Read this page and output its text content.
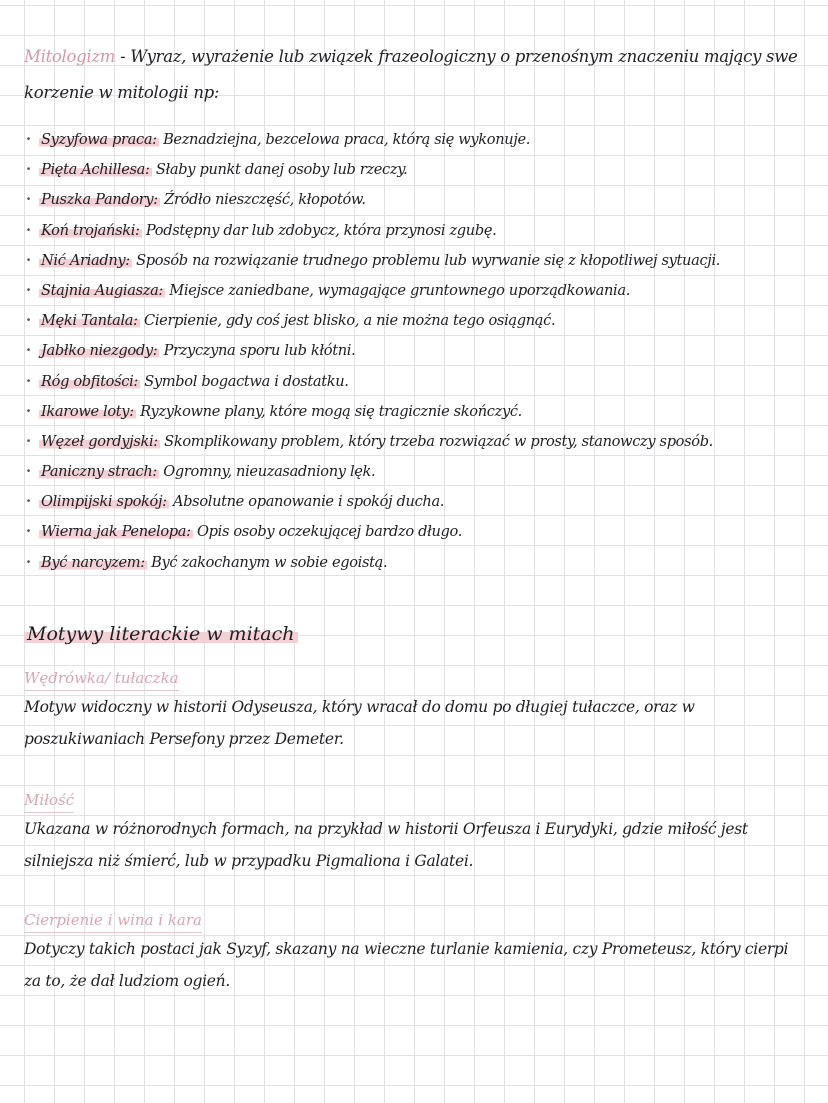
Mitologizm - Wyraz, wyrażenie lub związek frazeologiczny o przenośnym znaczeniu mający swe korzenie w mitologii np:

· Syzyfowa praca: Beznadziejna, bezcelowa praca, którą się wykonuje.
· Pięta Achillesa: Słaby punkt danej osoby lub rzeczy.
· Puszka Pandory: Źródło nieszczęść, kłopotów.
· Koń trojański: Podstępny dar lub zdobycz, która przynosi zgubę.
· Nić Ariadny: Sposób na rozwiązanie trudnego problemu lub wyrwanie się z kłopotliwej sytuacji.
· Stajnia Augiasza: Miejsce zaniedbane, wymagające gruntownego uporządkowania.
· Męki Tantala: Cierpienie, gdy coś jest blisko, a nie można tego osiągnąć.
· Jabłko niezgody: Przyczyna sporu lub kłótni.
· Róg obfitości: Symbol bogactwa i dostatku.
· Ikarowe loty: Ryzykowne plany, które mogą się tragicznie skończyć.
· Węzeł gordyjski: Skomplikowany problem, który trzeba rozwiązać w prosty, stanowczy sposób.
· Paniczny strach: Ogromny, nieuzasadniony lęk.
· Olimpijski spokój: Absolutne opanowanie i spokój ducha.
· Wierna jak Penelopa: Opis osoby oczekującej bardzo długo.
· Być narcyzem: Być zakochanym w sobie egoistą.
Motywy literackie w mitach
Wędrówka/ tułaczka
Motyw widoczny w historii Odyseusza, który wracał do domu po długiej tułaczce, oraz w poszukiwaniach Persefony przez Demeter.
Miłość
Ukazana w różnorodnych formach, na przykład w historii Orfeusza i Eurydyki, gdzie miłość jest silniejsza niż śmierć, lub w przypadku Pigmaliona i Galatei.
Cierpienie i wina i kara
Dotyczy takich postaci jak Syzyf, skazany na wieczne turlanie kamienia, czy Prometeusz, który cierpi za to, że dał ludziom ogień.
